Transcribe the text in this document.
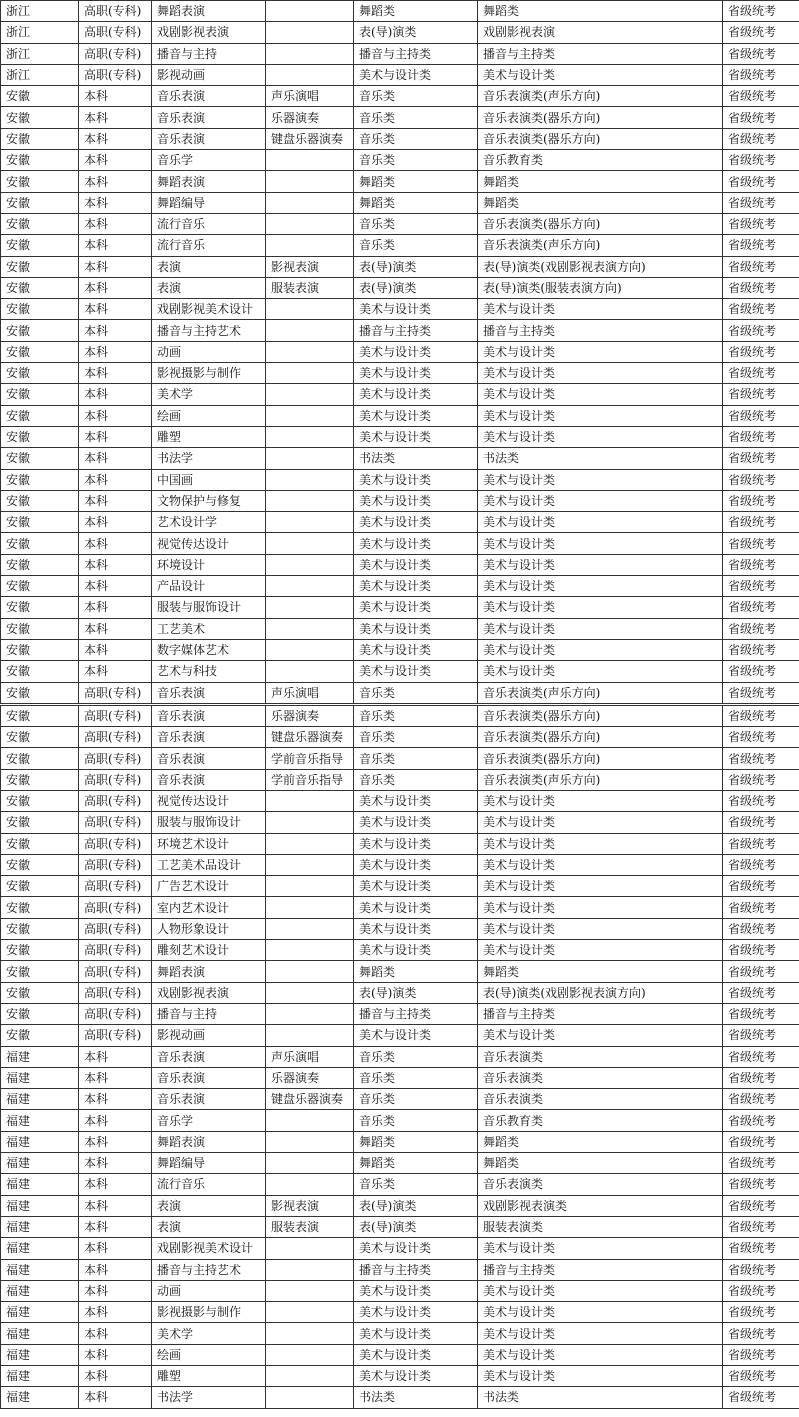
浙江	高职(专科)	舞蹈表演		舞蹈类	舞蹈类	省级统考
浙江	高职(专科)	戏剧影视表演		表(导)演类	戏剧影视表演	省级统考
浙江	高职(专科)	播音与主持		播音与主持类	播音与主持类	省级统考
浙江	高职(专科)	影视动画		美术与设计类	美术与设计类	省级统考
安徽	本科	音乐表演	声乐演唱	音乐类	音乐表演类(声乐方向)	省级统考
安徽	本科	音乐表演	乐器演奏	音乐类	音乐表演类(器乐方向)	省级统考
安徽	本科	音乐表演	键盘乐器演奏	音乐类	音乐表演类(器乐方向)	省级统考
安徽	本科	音乐学		音乐类	音乐教育类	省级统考
安徽	本科	舞蹈表演		舞蹈类	舞蹈类	省级统考
安徽	本科	舞蹈编导		舞蹈类	舞蹈类	省级统考
安徽	本科	流行音乐		音乐类	音乐表演类(器乐方向)	省级统考
安徽	本科	流行音乐		音乐类	音乐表演类(声乐方向)	省级统考
安徽	本科	表演	影视表演	表(导)演类	表(导)演类(戏剧影视表演方向)	省级统考
安徽	本科	表演	服装表演	表(导)演类	表(导)演类(服装表演方向)	省级统考
安徽	本科	戏剧影视美术设计		美术与设计类	美术与设计类	省级统考
安徽	本科	播音与主持艺术		播音与主持类	播音与主持类	省级统考
安徽	本科	动画		美术与设计类	美术与设计类	省级统考
安徽	本科	影视摄影与制作		美术与设计类	美术与设计类	省级统考
安徽	本科	美术学		美术与设计类	美术与设计类	省级统考
安徽	本科	绘画		美术与设计类	美术与设计类	省级统考
安徽	本科	雕塑		美术与设计类	美术与设计类	省级统考
安徽	本科	书法学		书法类	书法类	省级统考
安徽	本科	中国画		美术与设计类	美术与设计类	省级统考
安徽	本科	文物保护与修复		美术与设计类	美术与设计类	省级统考
安徽	本科	艺术设计学		美术与设计类	美术与设计类	省级统考
安徽	本科	视觉传达设计		美术与设计类	美术与设计类	省级统考
安徽	本科	环境设计		美术与设计类	美术与设计类	省级统考
安徽	本科	产品设计		美术与设计类	美术与设计类	省级统考
安徽	本科	服装与服饰设计		美术与设计类	美术与设计类	省级统考
安徽	本科	工艺美术		美术与设计类	美术与设计类	省级统考
安徽	本科	数字媒体艺术		美术与设计类	美术与设计类	省级统考
安徽	本科	艺术与科技		美术与设计类	美术与设计类	省级统考
安徽	高职(专科)	音乐表演	声乐演唱	音乐类	音乐表演类(声乐方向)	省级统考
安徽	高职(专科)	音乐表演	乐器演奏	音乐类	音乐表演类(器乐方向)	省级统考
安徽	高职(专科)	音乐表演	键盘乐器演奏	音乐类	音乐表演类(器乐方向)	省级统考
安徽	高职(专科)	音乐表演	学前音乐指导	音乐类	音乐表演类(器乐方向)	省级统考
安徽	高职(专科)	音乐表演	学前音乐指导	音乐类	音乐表演类(声乐方向)	省级统考
安徽	高职(专科)	视觉传达设计		美术与设计类	美术与设计类	省级统考
安徽	高职(专科)	服装与服饰设计		美术与设计类	美术与设计类	省级统考
安徽	高职(专科)	环境艺术设计		美术与设计类	美术与设计类	省级统考
安徽	高职(专科)	工艺美术品设计		美术与设计类	美术与设计类	省级统考
安徽	高职(专科)	广告艺术设计		美术与设计类	美术与设计类	省级统考
安徽	高职(专科)	室内艺术设计		美术与设计类	美术与设计类	省级统考
安徽	高职(专科)	人物形象设计		美术与设计类	美术与设计类	省级统考
安徽	高职(专科)	雕刻艺术设计		美术与设计类	美术与设计类	省级统考
安徽	高职(专科)	舞蹈表演		舞蹈类	舞蹈类	省级统考
安徽	高职(专科)	戏剧影视表演		表(导)演类	表(导)演类(戏剧影视表演方向)	省级统考
安徽	高职(专科)	播音与主持		播音与主持类	播音与主持类	省级统考
安徽	高职(专科)	影视动画		美术与设计类	美术与设计类	省级统考
福建	本科	音乐表演	声乐演唱	音乐类	音乐表演类	省级统考
福建	本科	音乐表演	乐器演奏	音乐类	音乐表演类	省级统考
福建	本科	音乐表演	键盘乐器演奏	音乐类	音乐表演类	省级统考
福建	本科	音乐学		音乐类	音乐教育类	省级统考
福建	本科	舞蹈表演		舞蹈类	舞蹈类	省级统考
福建	本科	舞蹈编导		舞蹈类	舞蹈类	省级统考
福建	本科	流行音乐		音乐类	音乐表演类	省级统考
福建	本科	表演	影视表演	表(导)演类	戏剧影视表演类	省级统考
福建	本科	表演	服装表演	表(导)演类	服装表演类	省级统考
福建	本科	戏剧影视美术设计		美术与设计类	美术与设计类	省级统考
福建	本科	播音与主持艺术		播音与主持类	播音与主持类	省级统考
福建	本科	动画		美术与设计类	美术与设计类	省级统考
福建	本科	影视摄影与制作		美术与设计类	美术与设计类	省级统考
福建	本科	美术学		美术与设计类	美术与设计类	省级统考
福建	本科	绘画		美术与设计类	美术与设计类	省级统考
福建	本科	雕塑		美术与设计类	美术与设计类	省级统考
福建	本科	书法学		书法类	书法类	省级统考
